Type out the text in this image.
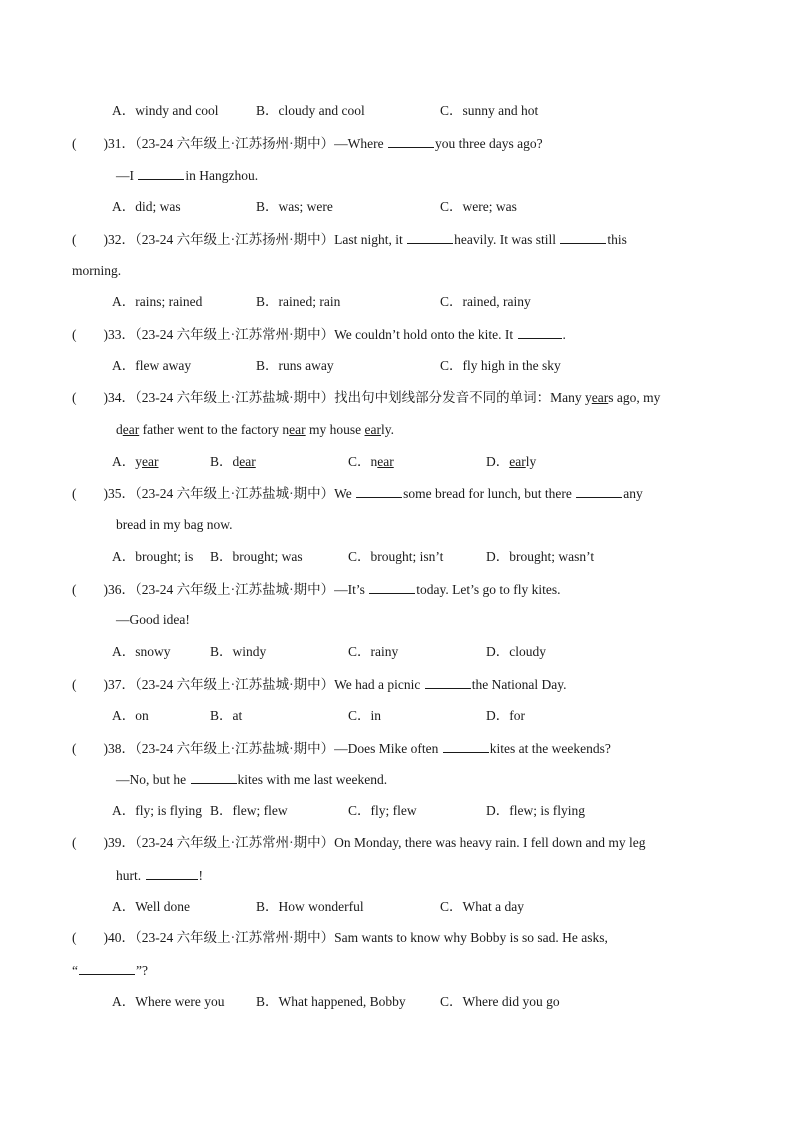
A．windy and cool	B．cloudy and cool	C．sunny and hot
(　　)31．（23-24 六年级上·江苏扬州·期中）—Where	you three days ago?
—I	in Hangzhou.
A．did; was	B．was; were	C．were; was
(　　)32．（23-24 六年级上·江苏扬州·期中）Last night, it	heavily. It was still	this
morning.
A．rains; rained	B．rained; rain	C．rained, rainy
(　　)33．（23-24 六年级上·江苏常州·期中）We couldn’t hold onto the kite. It	.
A．flew away	B．runs away	C．fly high in the sky
(　　)34．（23-24 六年级上·江苏盐城·期中）找出句中划线部分发音不同的单词：Many years ago, my
dear father went to the factory near my house early.
A．year	B．dear	C．near	D．early
(　　)35．（23-24 六年级上·江苏盐城·期中）We	some bread for lunch, but there	any
bread in my bag now.
A．brought; is B．brought; was	C．brought; isn’t	D．brought; wasn’t
(　　)36．（23-24 六年级上·江苏盐城·期中）—It’s	today. Let’s go to fly kites.
—Good idea!
A．snowy	B．windy	C．rainy	D．cloudy
(　　)37．（23-24 六年级上·江苏盐城·期中）We had a picnic	the National Day.
A．on	B．at	C．in	D．for
(　　)38．（23-24 六年级上·江苏盐城·期中）—Does Mike often	kites at the weekends?
—No, but he	kites with me last weekend.
A．fly; is flying B．flew; flew	C．fly; flew	D．flew; is flying
(　　)39．（23-24 六年级上·江苏常州·期中）On Monday, there was heavy rain. I fell down and my leg
hurt.	!
A．Well done	B．How wonderful	C．What a day
(　　)40．（23-24 六年级上·江苏常州·期中）Sam wants to know why Bobby is so sad. He asks,
“	”?
A．Where were you B．What happened, Bobby	C．Where did you go
